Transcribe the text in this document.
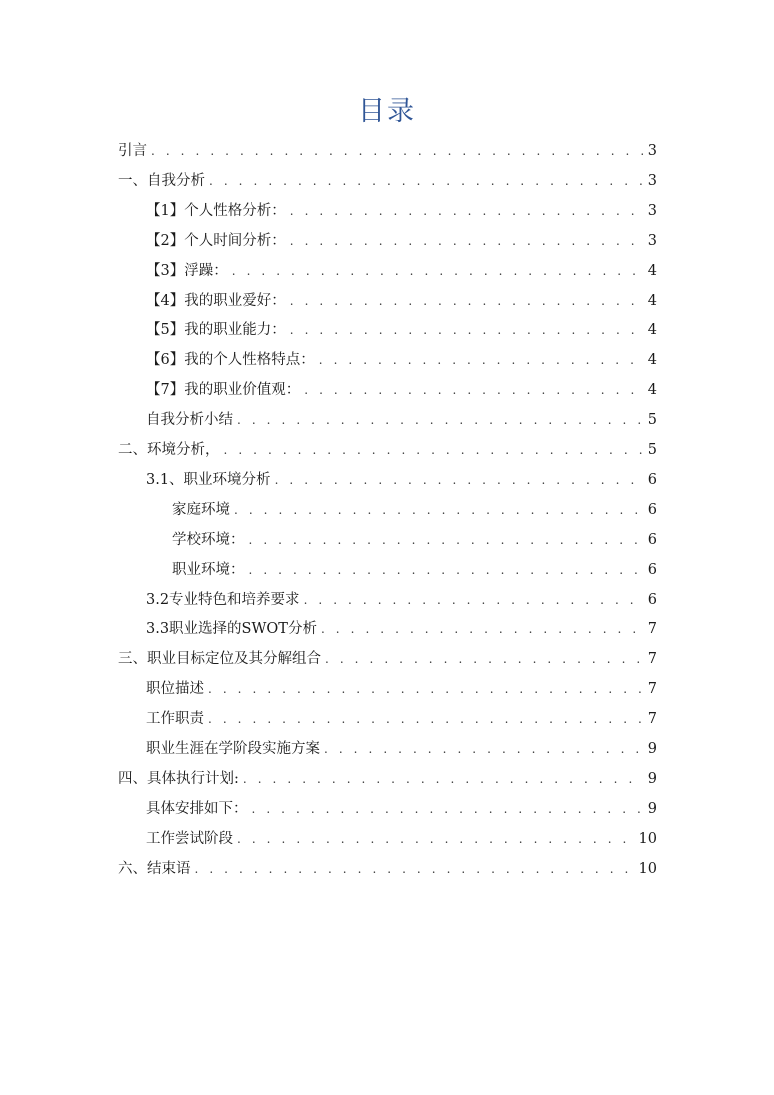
目录
引言 . . .	3
一、自我分析 . . .	3
【1】个人性格分析： . . .	3
【2】个人时间分析： . . .	3
【3】浮躁： . . .	4
【4】我的职业爱好： . . .	4
【5】我的职业能力： . . .	4
【6】我的个人性格特点： . . .	4
【7】我的职业价值观： . . .	4
自我分析小结 . . .	5
二、环境分析， . . .	5
3.1、职业环境分析 . . .	6
家庭环境 . . .	6
学校环境： . . .	6
职业环境： . . .	6
3.2专业特色和培养要求 . . .	6
3.3职业选择的SWOT分析 . . .	7
三、职业目标定位及其分解组合 . . .	7
职位描述 . . .	7
工作职责 . . .	7
职业生涯在学阶段实施方案 . . .	9
四、具体执行计划: . . .	9
具体安排如下： . . .	9
工作尝试阶段 . . .	10
六、结束语 . . .	10
